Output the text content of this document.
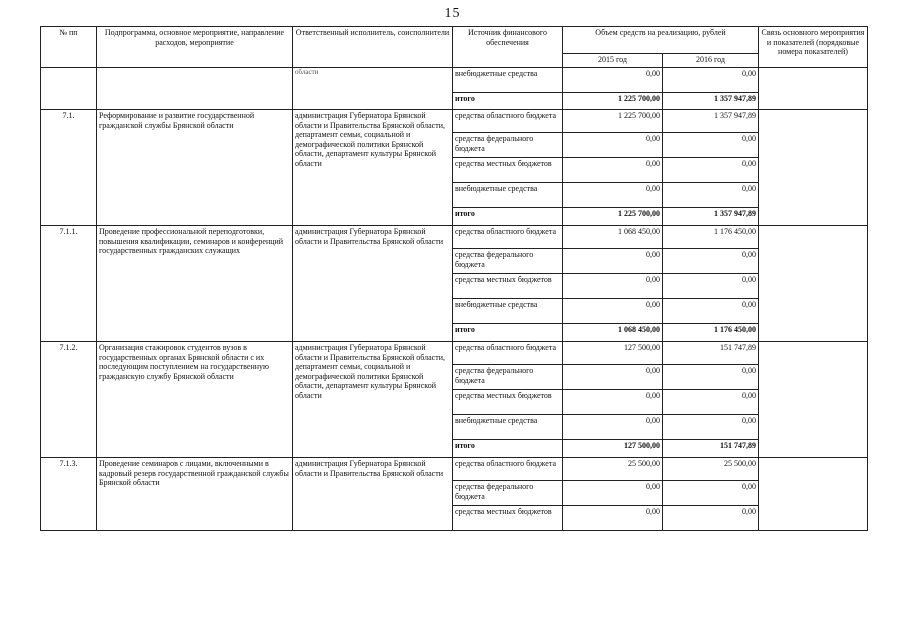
15
№ пп	Подпрограмма, основное мероприятие, направление расходов, мероприятие	Ответственный исполнитель, соисполнители	Источник финансового обеспечения	Объем средств на реализацию, рублей		Связь основного мероприятия и показателей (порядковые номера показателей)
				2015 год	2016 год	

		области	внебюджетные средства	0,00	0,00	
			итого	1 225 700,00	1 357 947,89	
7.1.	Реформирование и развитие государственной гражданской службы Брянской области	администрация Губернатора Брянской области и Правительства Брянской области, департамент семьи, социальной и демографической политики Брянской области, департамент культуры Брянской области	средства областного бюджета	1 225 700,00	1 357 947,89	
			средства федерального бюджета	0,00	0,00	
			средства местных бюджетов	0,00	0,00	
			внебюджетные средства	0,00	0,00	
			итого	1 225 700,00	1 357 947,89	
7.1.1.	Проведение профессиональной переподготовки, повышения квалификации, семинаров и конференций государственных гражданских служащих	администрация Губернатора Брянской области и Правительства Брянской области	средства областного бюджета	1 068 450,00	1 176 450,00	
			средства федерального бюджета	0,00	0,00	
			средства местных бюджетов	0,00	0,00	
			внебюджетные средства	0,00	0,00	
			итого	1 068 450,00	1 176 450,00	
7.1.2.	Организация стажировок студентов вузов в государственных органах Брянской области с их последующим поступлением на государственную гражданскую службу Брянской области	администрация Губернатора Брянской области и Правительства Брянской области, департамент семьи, социальной и демографической политики Брянской области, департамент культуры Брянской области	средства областного бюджета	127 500,00	151 747,89	
			средства федерального бюджета	0,00	0,00	
			средства местных бюджетов	0,00	0,00	
			внебюджетные средства	0,00	0,00	
			итого	127 500,00	151 747,89	
7.1.3.	Проведение семинаров с лицами, включенными в кадровый резерв государственной гражданской службы Брянской области	администрация Губернатора Брянской области и Правительства Брянской области	средства областного бюджета	25 500,00	25 500,00	
			средства федерального бюджета	0,00	0,00	
			средства местных бюджетов	0,00	0,00	
